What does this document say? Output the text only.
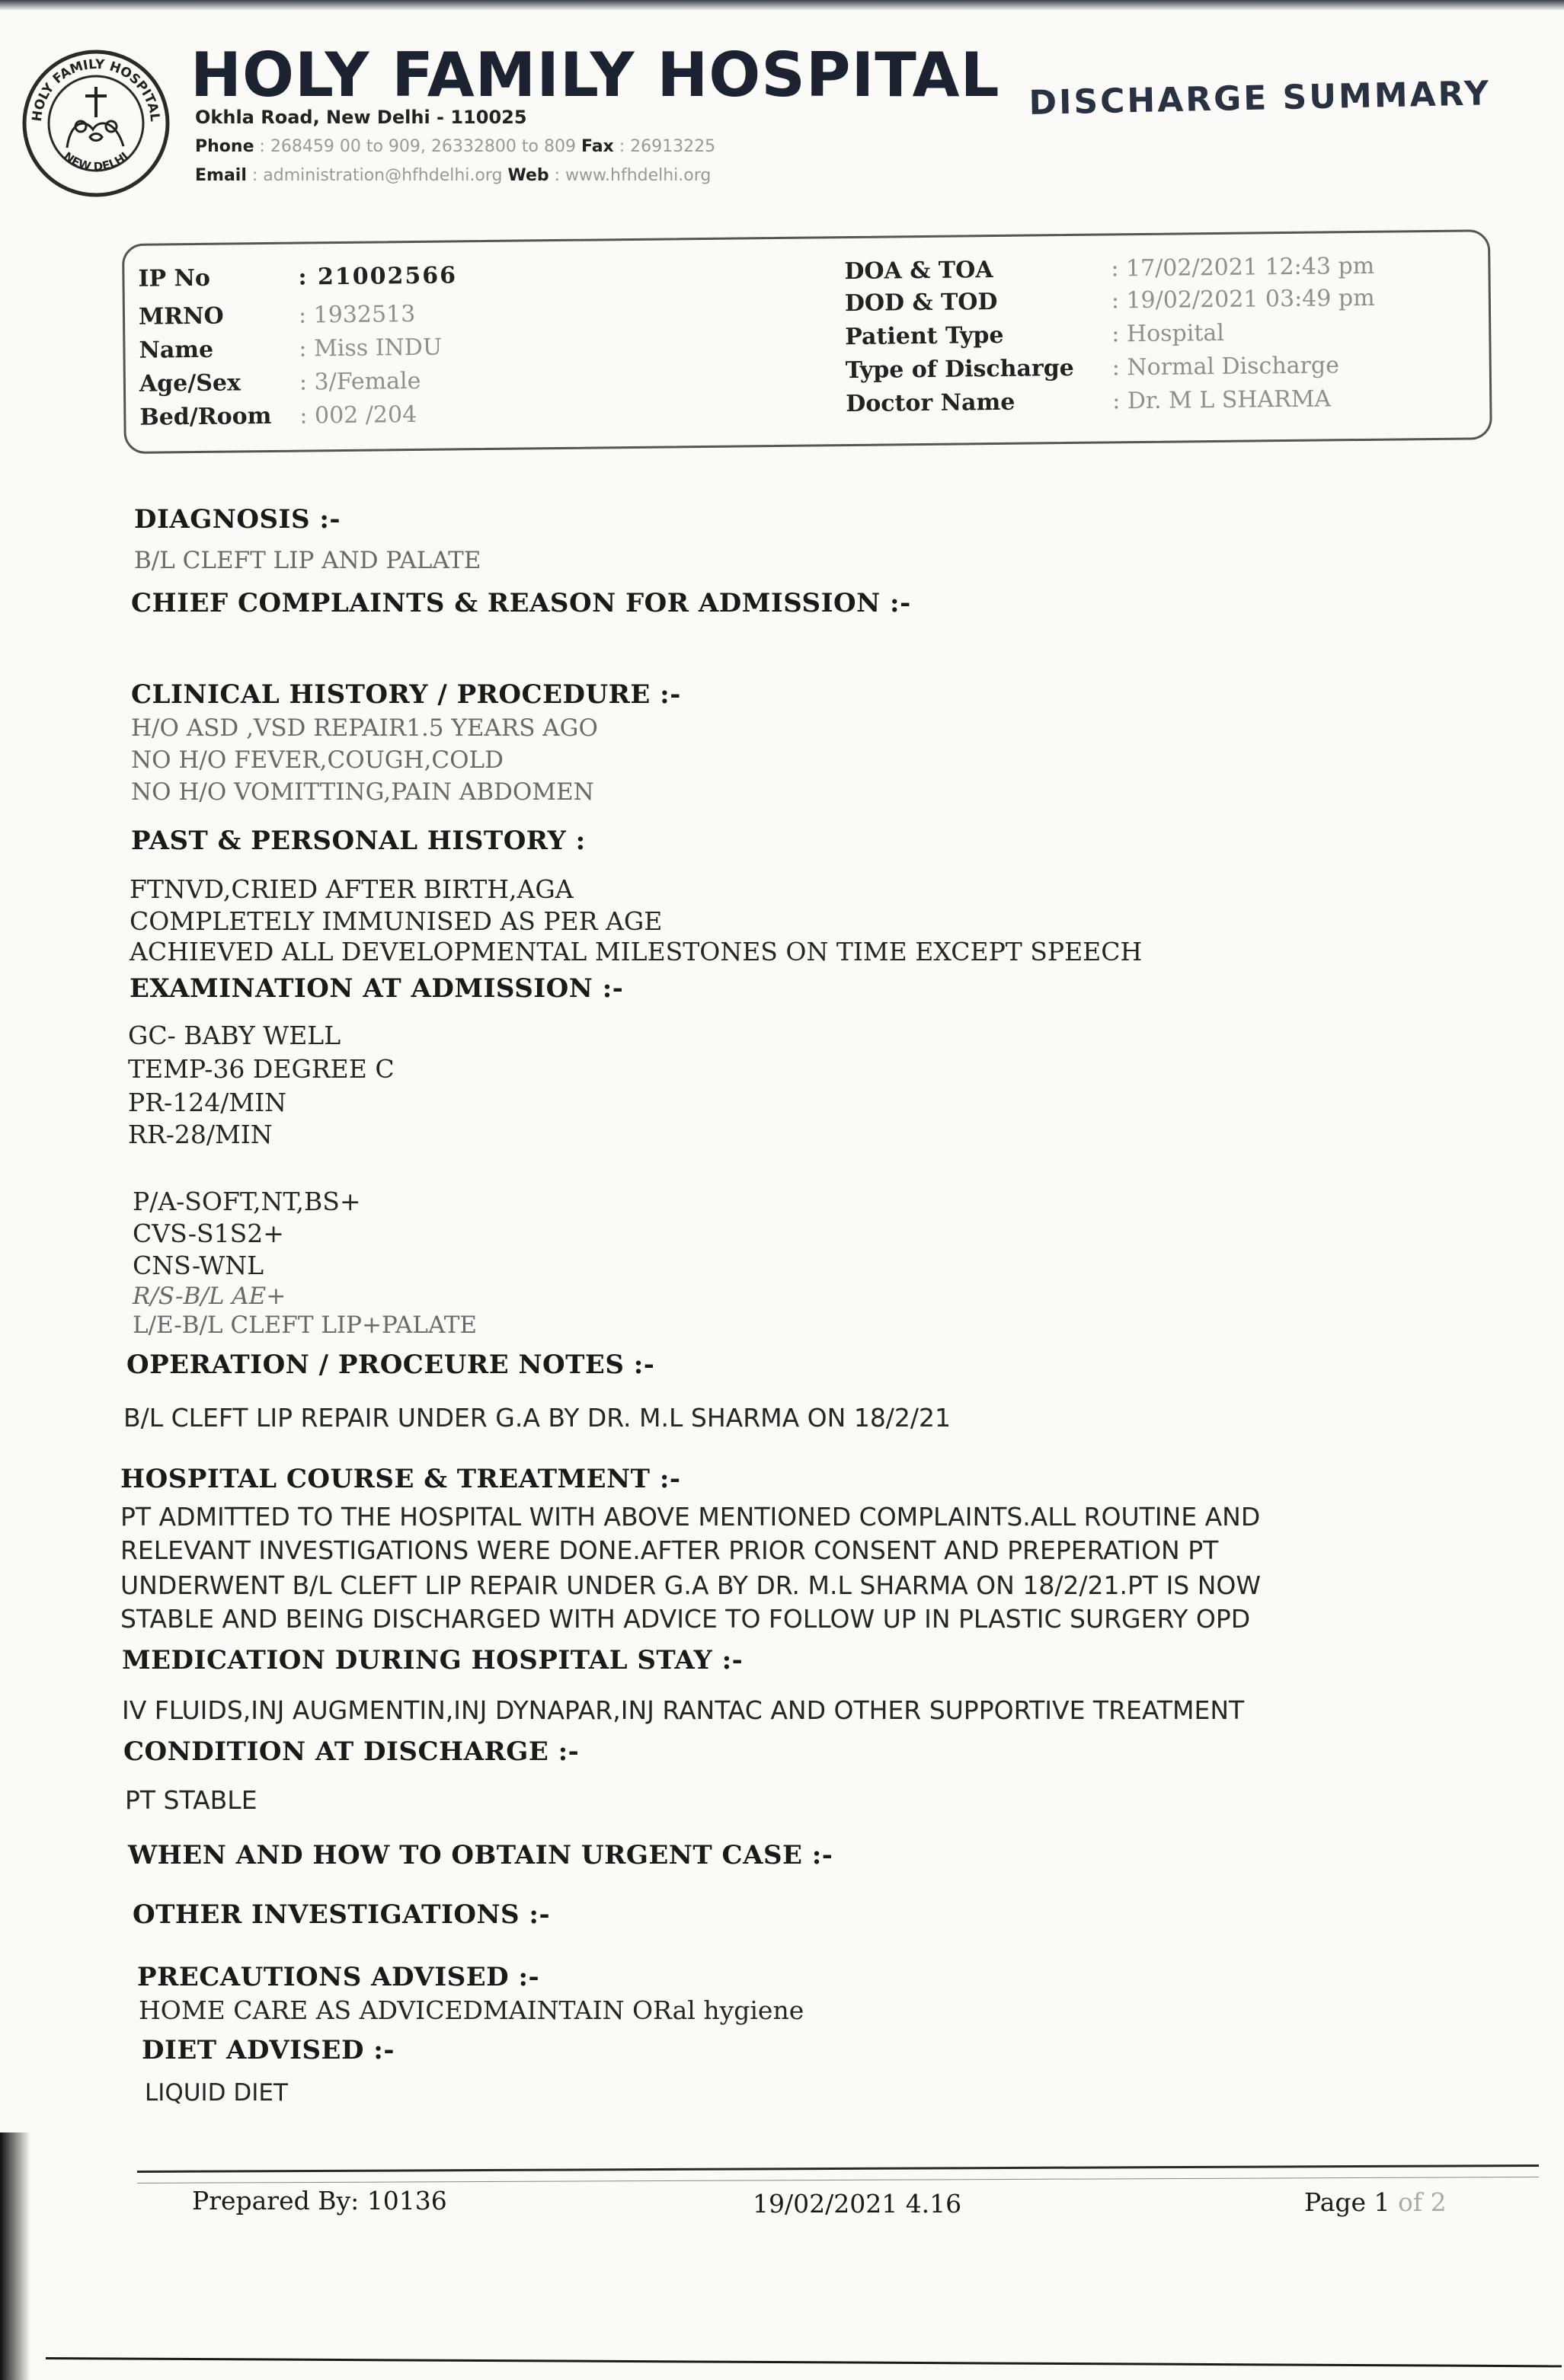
HOLY FAMILY HOSPITAL
NEW DELHI
HOLY FAMILY HOSPITAL
Okhla Road, New Delhi - 110025
Phone : 268459 00 to 909, 26332800 to 809 Fax : 26913225
Email : administration@hfhdelhi.org Web : www.hfhdelhi.org
DISCHARGE SUMMARY
IP No	: 21002566
MRNO	: 1932513
Name	: Miss INDU
Age/Sex	: 3/Female
Bed/Room : 002 /204
DOA & TOA	: 17/02/2021 12:43 pm
DOD & TOD	: 19/02/2021 03:49 pm
Patient Type	: Hospital
Type of Discharge : Normal Discharge
Doctor Name	: Dr. M L SHARMA
DIAGNOSIS :-
B/L CLEFT LIP AND PALATE
CHIEF COMPLAINTS & REASON FOR ADMISSION :-
CLINICAL HISTORY / PROCEDURE :-
H/O ASD ,VSD REPAIR1.5 YEARS AGO
NO H/O FEVER,COUGH,COLD
NO H/O VOMITTING,PAIN ABDOMEN
PAST & PERSONAL HISTORY :
FTNVD,CRIED AFTER BIRTH,AGA
COMPLETELY IMMUNISED AS PER AGE
ACHIEVED ALL DEVELOPMENTAL MILESTONES ON TIME EXCEPT SPEECH
EXAMINATION AT ADMISSION :-
GC- BABY WELL
TEMP-36 DEGREE C
PR-124/MIN
RR-28/MIN
P/A-SOFT,NT,BS+
CVS-S1S2+
CNS-WNL
R/S-B/L AE+
L/E-B/L CLEFT LIP+PALATE
OPERATION / PROCEURE NOTES :-
B/L CLEFT LIP REPAIR UNDER G.A BY DR. M.L SHARMA ON 18/2/21
HOSPITAL COURSE & TREATMENT :-
PT ADMITTED TO THE HOSPITAL WITH ABOVE MENTIONED COMPLAINTS.ALL ROUTINE AND
RELEVANT INVESTIGATIONS WERE DONE.AFTER PRIOR CONSENT AND PREPERATION PT
UNDERWENT B/L CLEFT LIP REPAIR UNDER G.A BY DR. M.L SHARMA ON 18/2/21.PT IS NOW
STABLE AND BEING DISCHARGED WITH ADVICE TO FOLLOW UP IN PLASTIC SURGERY OPD
MEDICATION DURING HOSPITAL STAY :-
IV FLUIDS,INJ AUGMENTIN,INJ DYNAPAR,INJ RANTAC AND OTHER SUPPORTIVE TREATMENT
CONDITION AT DISCHARGE :-
PT STABLE
WHEN AND HOW TO OBTAIN URGENT CASE :-
OTHER INVESTIGATIONS :-
PRECAUTIONS ADVISED :-
HOME CARE AS ADVICEDMAINTAIN ORal hygiene
DIET ADVISED :-
LIQUID DIET
Prepared By: 10136	19/02/2021 4.16	Page 1 of 2
